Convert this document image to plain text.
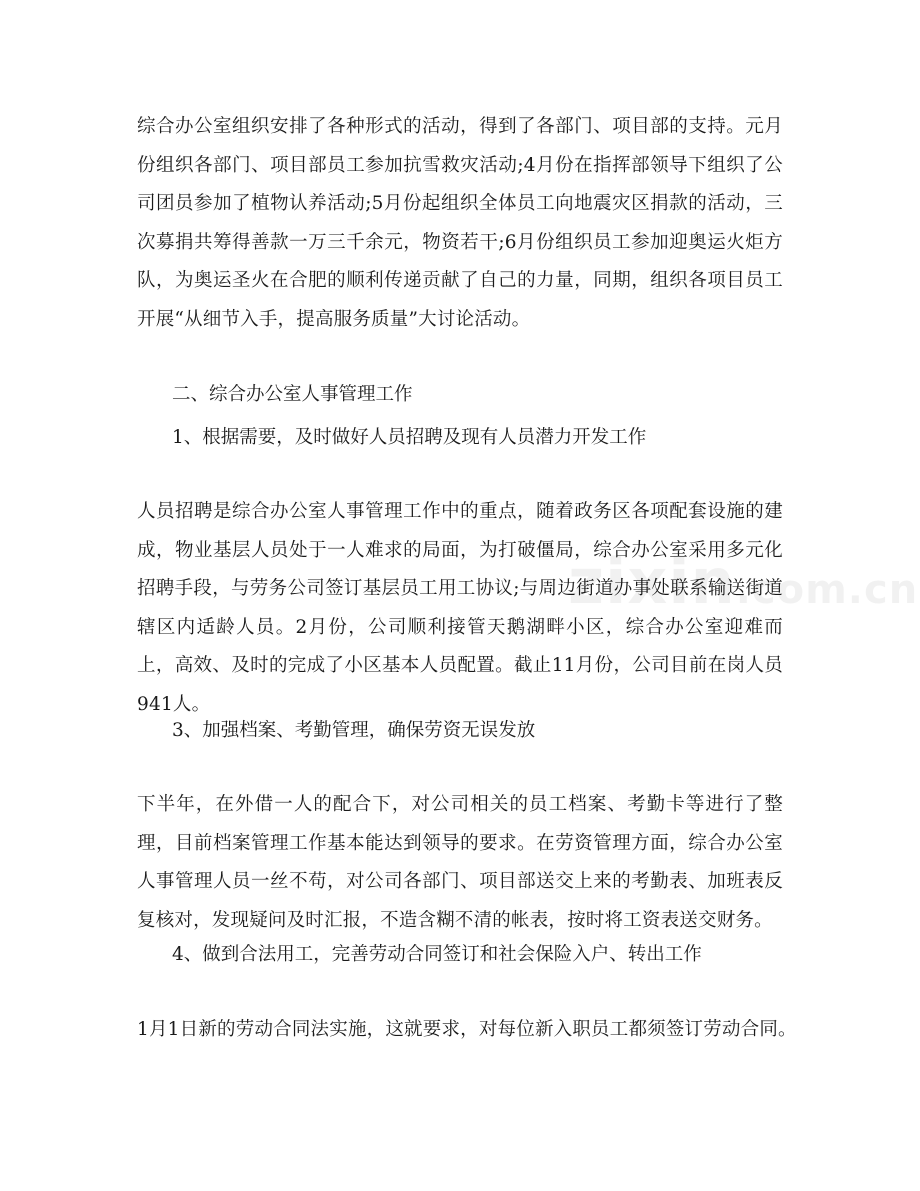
综合办公室组织安排了各种形式的活动，得到了各部门、项目部的支持。元月份组织各部门、项目部员工参加抗雪救灾活动;4月份在指挥部领导下组织了公司团员参加了植物认养活动;5月份起组织全体员工向地震灾区捐款的活动，三次募捐共筹得善款一万三千余元，物资若干;6月份组织员工参加迎奥运火炬方队，为奥运圣火在合肥的顺利传递贡献了自己的力量，同期，组织各项目员工开展“从细节入手，提高服务质量”大讨论活动。
二、综合办公室人事管理工作
1、根据需要，及时做好人员招聘及现有人员潜力开发工作
人员招聘是综合办公室人事管理工作中的重点，随着政务区各项配套设施的建成，物业基层人员处于一人难求的局面，为打破僵局，综合办公室采用多元化招聘手段，与劳务公司签订基层员工用工协议;与周边街道办事处联系输送街道辖区内适龄人员。2月份，公司顺利接管天鹅湖畔小区，综合办公室迎难而上，高效、及时的完成了小区基本人员配置。截止11月份，公司目前在岗人员941人。
3、加强档案、考勤管理，确保劳资无误发放
下半年，在外借一人的配合下，对公司相关的员工档案、考勤卡等进行了整理，目前档案管理工作基本能达到领导的要求。在劳资管理方面，综合办公室人事管理人员一丝不苟，对公司各部门、项目部送交上来的考勤表、加班表反复核对，发现疑问及时汇报，不造含糊不清的帐表，按时将工资表送交财务。
4、做到合法用工，完善劳动合同签订和社会保险入户、转出工作
1月1日新的劳动合同法实施，这就要求，对每位新入职员工都须签订劳动合同。
zixin.com.cn
